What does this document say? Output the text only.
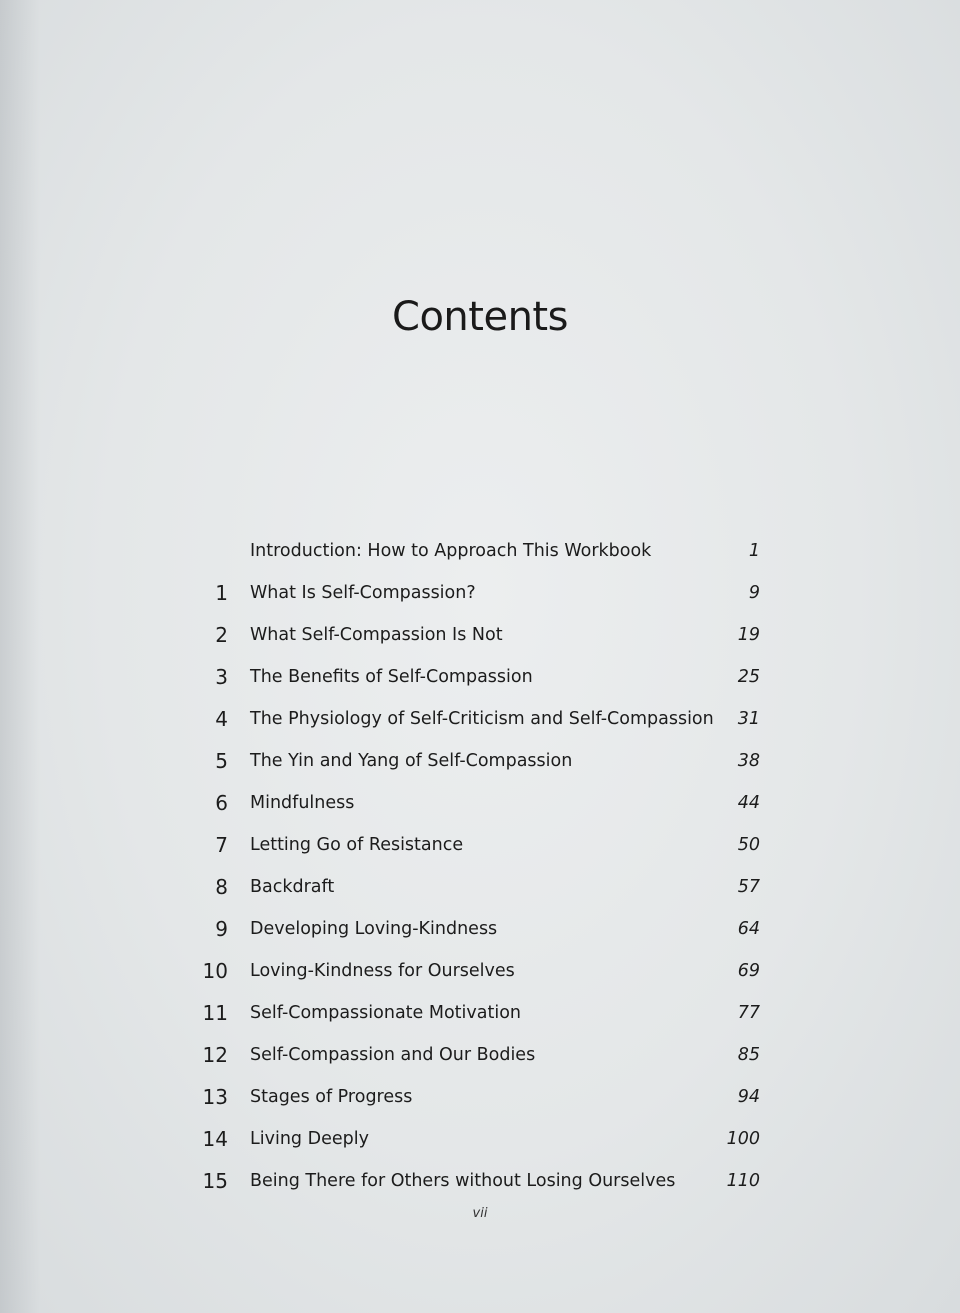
Contents
Introduction: How to Approach This Workbook	1
1 What Is Self-Compassion?	9
2 What Self-Compassion Is Not	19
3 The Benefits of Self-Compassion	25
4 The Physiology of Self-Criticism and Self-Compassion 31
5 The Yin and Yang of Self-Compassion	38
6 Mindfulness	44
7 Letting Go of Resistance	50
8 Backdraft	57
9 Developing Loving-Kindness	64
10 Loving-Kindness for Ourselves	69
11 Self-Compassionate Motivation	77
12 Self-Compassion and Our Bodies	85
13 Stages of Progress	94
14 Living Deeply	100
15 Being There for Others without Losing Ourselves	110
vii
